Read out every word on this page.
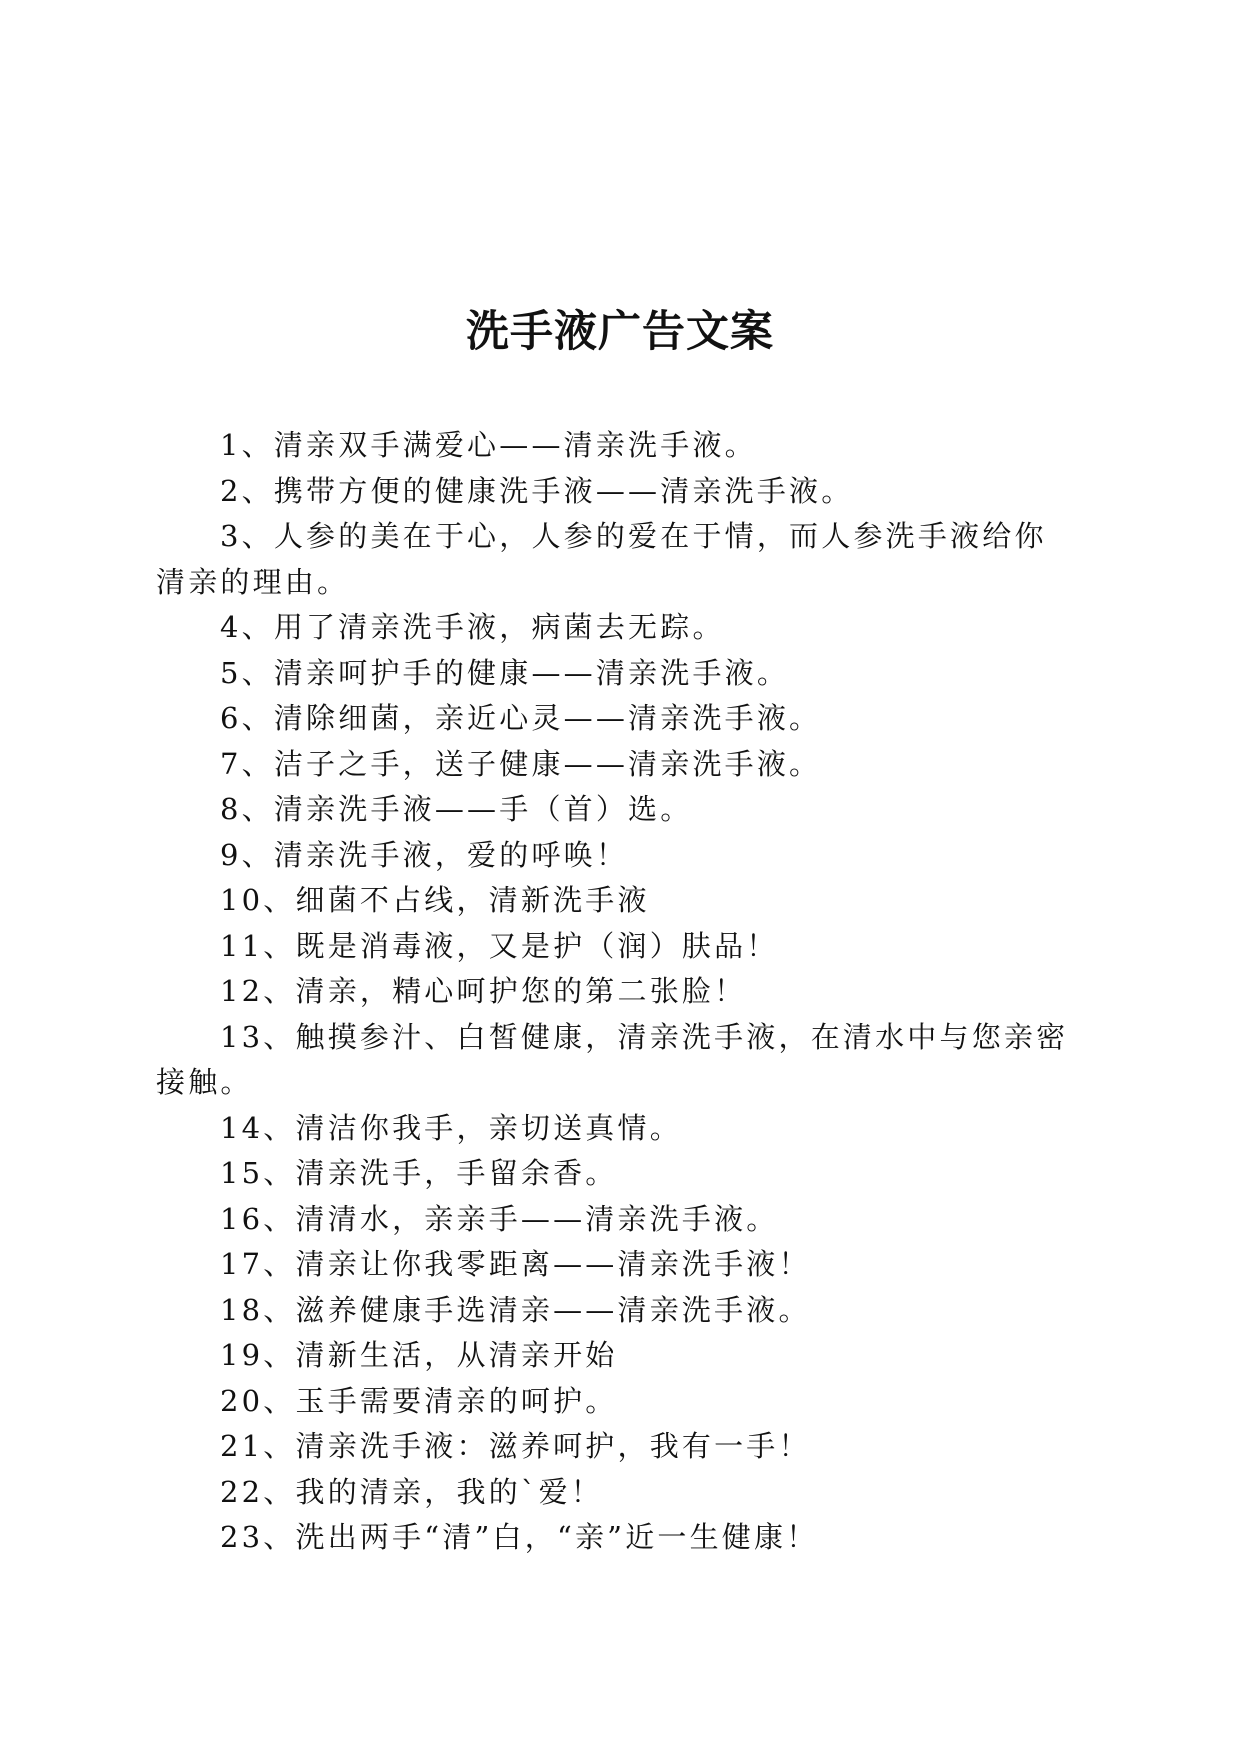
洗手液广告文案
1、清亲双手满爱心——清亲洗手液。
2、携带方便的健康洗手液——清亲洗手液。
3、人参的美在于心，人参的爱在于情，而人参洗手液给你清亲的理由。
4、用了清亲洗手液，病菌去无踪。
5、清亲呵护手的健康——清亲洗手液。
6、清除细菌，亲近心灵——清亲洗手液。
7、洁子之手，送子健康——清亲洗手液。
8、清亲洗手液——手（首）选。
9、清亲洗手液，爱的呼唤！
10、细菌不占线，清新洗手液
11、既是消毒液，又是护（润）肤品！
12、清亲，精心呵护您的第二张脸！
13、触摸参汁、白皙健康，清亲洗手液，在清水中与您亲密接触。
14、清洁你我手，亲切送真情。
15、清亲洗手，手留余香。
16、清清水，亲亲手——清亲洗手液。
17、清亲让你我零距离——清亲洗手液！
18、滋养健康手选清亲——清亲洗手液。
19、清新生活，从清亲开始
20、玉手需要清亲的呵护。
21、清亲洗手液：滋养呵护，我有一手！
22、我的清亲，我的`爱！
23、洗出两手“清”白，“亲”近一生健康！
